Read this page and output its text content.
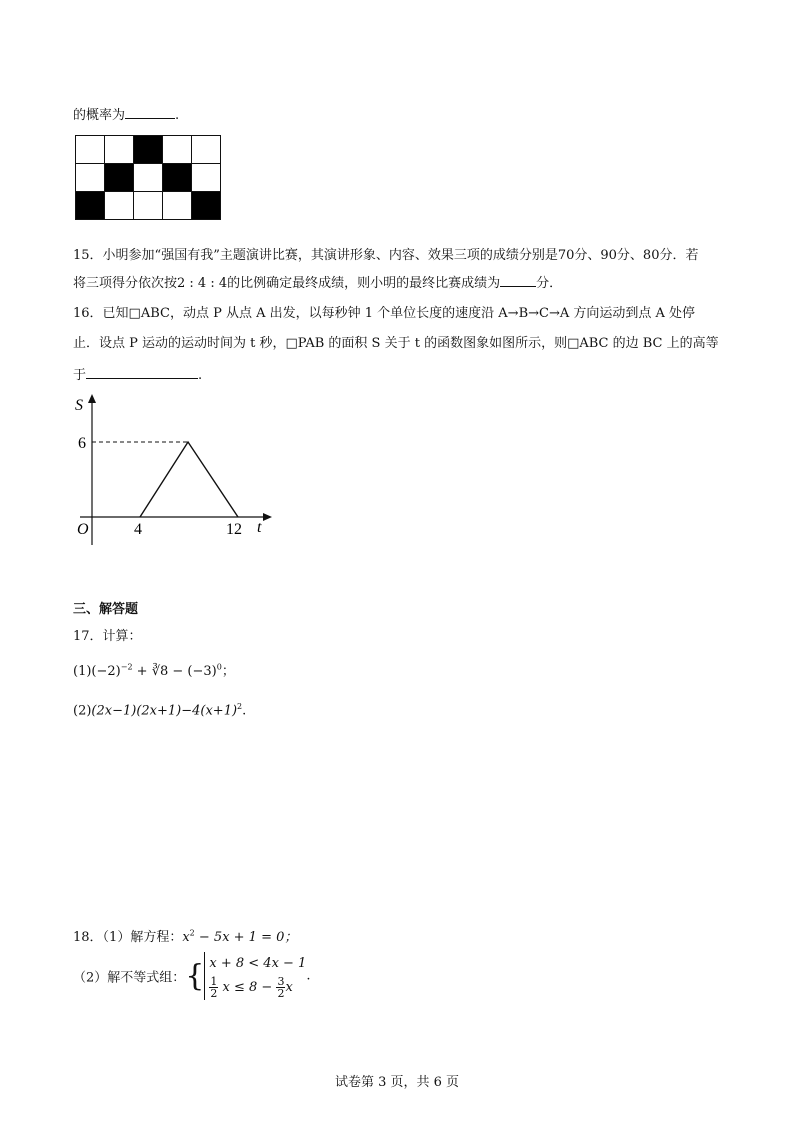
的概率为	.

15．小明参加“强国有我”主题演讲比赛，其演讲形象、内容、效果三项的成绩分别是70分、90分、80分．若
将三项得分依次按2 : 4 : 4的比例确定最终成绩，则小明的最终比赛成绩为	分．
16．已知□ABC，动点 P 从点 A 出发，以每秒钟 1 个单位长度的速度沿 A→B→C→A 方向运动到点 A 处停
止．设点 P 运动的运动时间为 t 秒，□PAB 的面积 S 关于 t 的函数图象如图所示，则□ABC 的边 BC 上的高等
于	.
S
t
O
6
4	12
三、解答题
17．计算：
$(1)(-2)^{-2}$ + ∛8 − $(-3)^0$；
$(2)(2x-1)(2x+1)-4(x+1)^2$.
18．（1）解方程：$x^2 - 5x + 1 = 0$；
（2）解不等式组：{ x + 8 < 4x − 1

$\frac{1}{2}$ $x \le 8 - \frac{3}{2} x$.
试卷第 3 页，共 6 页
